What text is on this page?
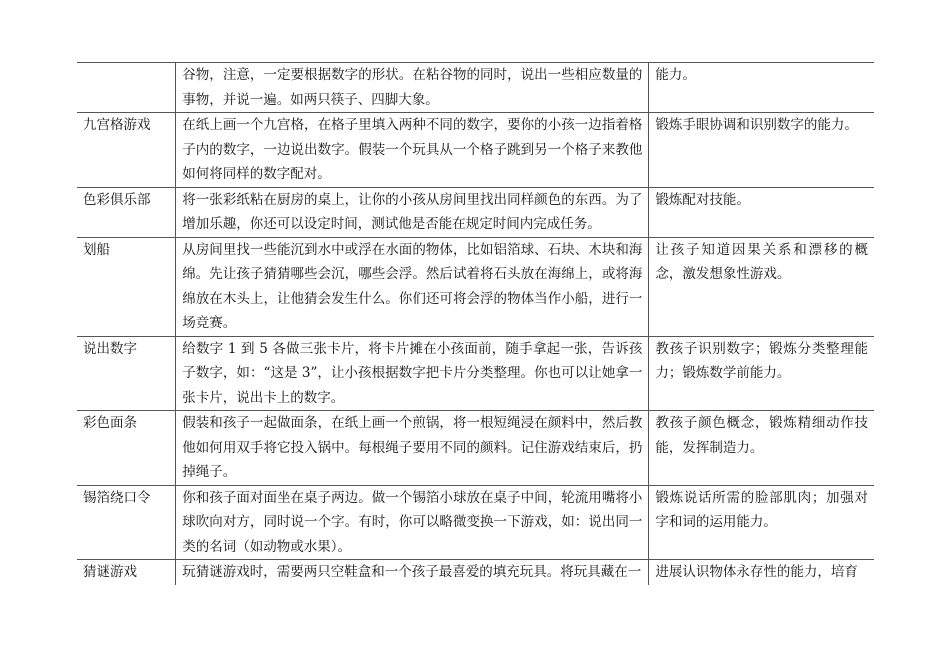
	谷物，注意，一定要根据数字的形状。在粘谷物的同时，说出一些相应数量的事物，并说一遍。如两只筷子、四脚大象。	能力。
九宫格游戏	在纸上画一个九宫格，在格子里填入两种不同的数字，要你的小孩一边指着格子内的数字，一边说出数字。假装一个玩具从一个格子跳到另一个格子来教他如何将同样的数字配对。	锻炼手眼协调和识别数字的能力。
色彩俱乐部	将一张彩纸粘在厨房的桌上，让你的小孩从房间里找出同样颜色的东西。为了增加乐趣，你还可以设定时间，测试他是否能在规定时间内完成任务。	锻炼配对技能。
划船	从房间里找一些能沉到水中或浮在水面的物体，比如铝箔球、石块、木块和海绵。先让孩子猜猜哪些会沉，哪些会浮。然后试着将石头放在海绵上，或将海绵放在木头上，让他猜会发生什么。你们还可将会浮的物体当作小船，进行一场竞赛。	让孩子知道因果关系和漂移的概念，激发想象性游戏。
说出数字	给数字 1 到 5 各做三张卡片，将卡片摊在小孩面前，随手拿起一张，告诉孩子数字，如：“这是 3”，让小孩根据数字把卡片分类整理。你也可以让她拿一张卡片，说出卡上的数字。	教孩子识别数字；锻炼分类整理能力；锻炼数学前能力。
彩色面条	假装和孩子一起做面条，在纸上画一个煎锅，将一根短绳浸在颜料中，然后教他如何用双手将它投入锅中。每根绳子要用不同的颜料。记住游戏结束后，扔掉绳子。	教孩子颜色概念，锻炼精细动作技能，发挥制造力。
锡箔绕口令	你和孩子面对面坐在桌子两边。做一个锡箔小球放在桌子中间，轮流用嘴将小球吹向对方，同时说一个字。有时，你可以略微变换一下游戏，如：说出同一类的名词（如动物或水果）。	锻炼说话所需的脸部肌肉；加强对字和词的运用能力。
猜谜游戏	玩猜谜游戏时，需要两只空鞋盒和一个孩子最喜爱的填充玩具。将玩具藏在一	进展认识物体永存性的能力，培育
